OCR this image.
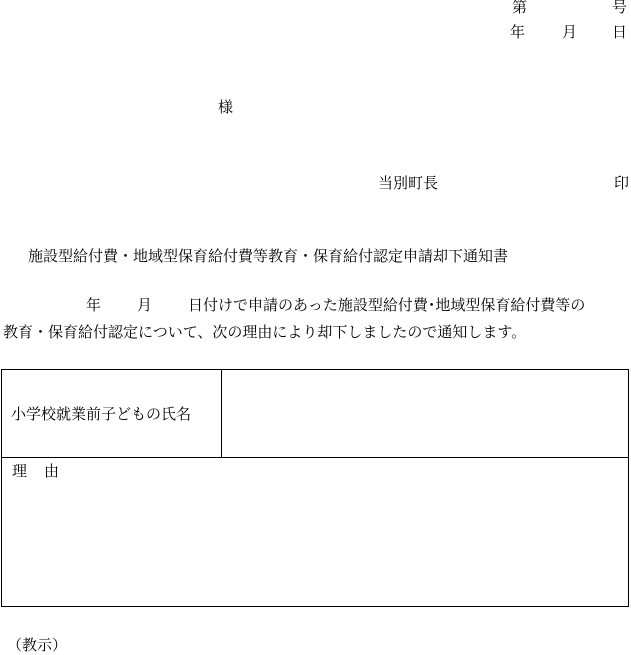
第	号
年 月 日
様
当別町長	印
施設型給付費・地域型保育給付費等教育・保育給付認定申請却下通知書
年 月 日付けで申請のあった施設型給付費･地域型保育給付費等の
教育・保育給付認定について、次の理由により却下しましたので通知します。
小学校就業前子どもの氏名
理 由
（教示）
